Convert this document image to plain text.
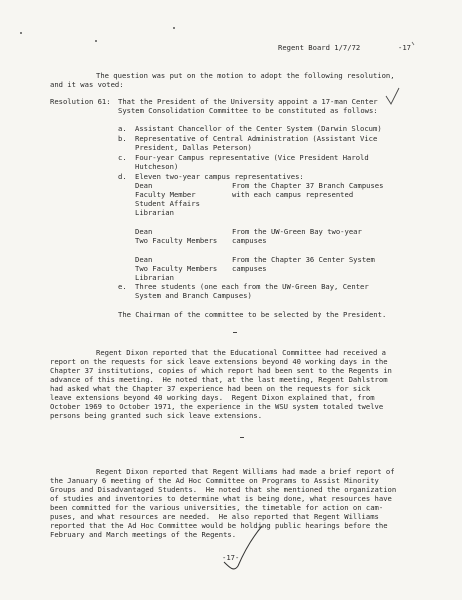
Regent Board 1/7/72	-17
The question was put on the motion to adopt the following resolution,
and it was voted:
Resolution 61: That the President of the University appoint a 17-man Center
System Consolidation Committee to be constituted as follows:
a. Assistant Chancellor of the Center System (Darwin Slocum)
b. Representative of Central Administration (Assistant Vice
President, Dallas Peterson)
c. Four-year Campus representative (Vice President Harold
Hutcheson)
d. Eleven two-year campus representatives:
Dean
Faculty Member
Student Affairs
Librarian
From the Chapter 37 Branch Campuses
with each campus represented
Dean
Two Faculty Members
From the UW-Green Bay two-year
campuses
Dean
Two Faculty Members
Librarian
From the Chapter 36 Center System
campuses
e. Three students (one each from the UW-Green Bay, Center
System and Branch Campuses)
The Chairman of the committee to be selected by the President.
Regent Dixon reported that the Educational Committee had received a
report on the requests for sick leave extensions beyond 40 working days in the
Chapter 37 institutions, copies of which report had been sent to the Regents in
advance of this meeting.  He noted that, at the last meeting, Regent Dahlstrom
had asked what the Chapter 37 experience had been on the requests for sick
leave extensions beyond 40 working days.  Regent Dixon explained that, from
October 1969 to October 1971, the experience in the WSU system totaled twelve
persons being granted such sick leave extensions.
Regent Dixon reported that Regent Williams had made a brief report of
the January 6 meeting of the Ad Hoc Committee on Programs to Assist Minority
Groups and Disadvantaged Students.  He noted that she mentioned the organization
of studies and inventories to determine what is being done, what resources have
been committed for the various universities, the timetable for action on cam-
puses, and what resources are needed.  He also reported that Regent Williams
reported that the Ad Hoc Committee would be holding public hearings before the
February and March meetings of the Regents.
-17-
